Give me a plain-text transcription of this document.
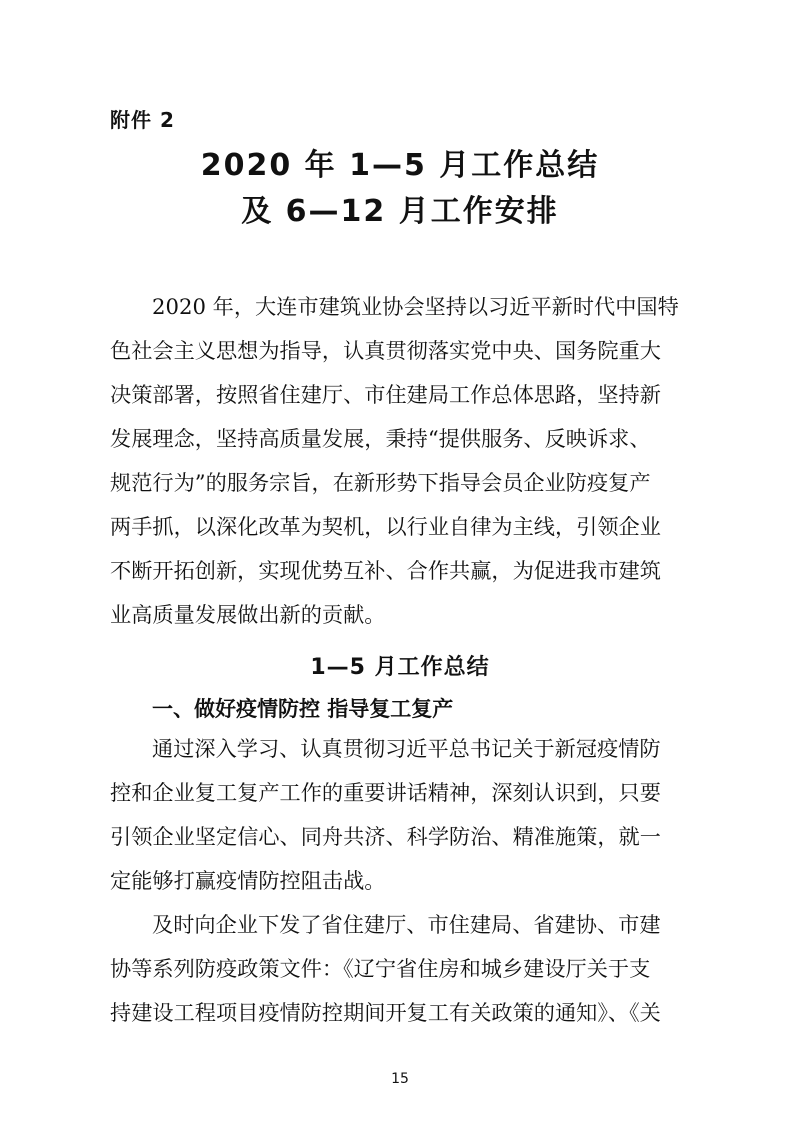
附件 2
2020 年 1—5 月工作总结
及 6—12 月工作安排
2020 年，大连市建筑业协会坚持以习近平新时代中国特
色社会主义思想为指导，认真贯彻落实党中央、国务院重大
决策部署，按照省住建厅、市住建局工作总体思路，坚持新
发展理念，坚持高质量发展，秉持“提供服务、反映诉求、
规范行为”的服务宗旨，在新形势下指导会员企业防疫复产
两手抓，以深化改革为契机，以行业自律为主线，引领企业
不断开拓创新，实现优势互补、合作共赢，为促进我市建筑
业高质量发展做出新的贡献。
1—5 月工作总结
一、做好疫情防控 指导复工复产
通过深入学习、认真贯彻习近平总书记关于新冠疫情防
控和企业复工复产工作的重要讲话精神，深刻认识到，只要
引领企业坚定信心、同舟共济、科学防治、精准施策，就一
定能够打赢疫情防控阻击战。
及时向企业下发了省住建厅、市住建局、省建协、市建
协等系列防疫政策文件：《辽宁省住房和城乡建设厅关于支
持建设工程项目疫情防控期间开复工有关政策的通知》、《关
15
